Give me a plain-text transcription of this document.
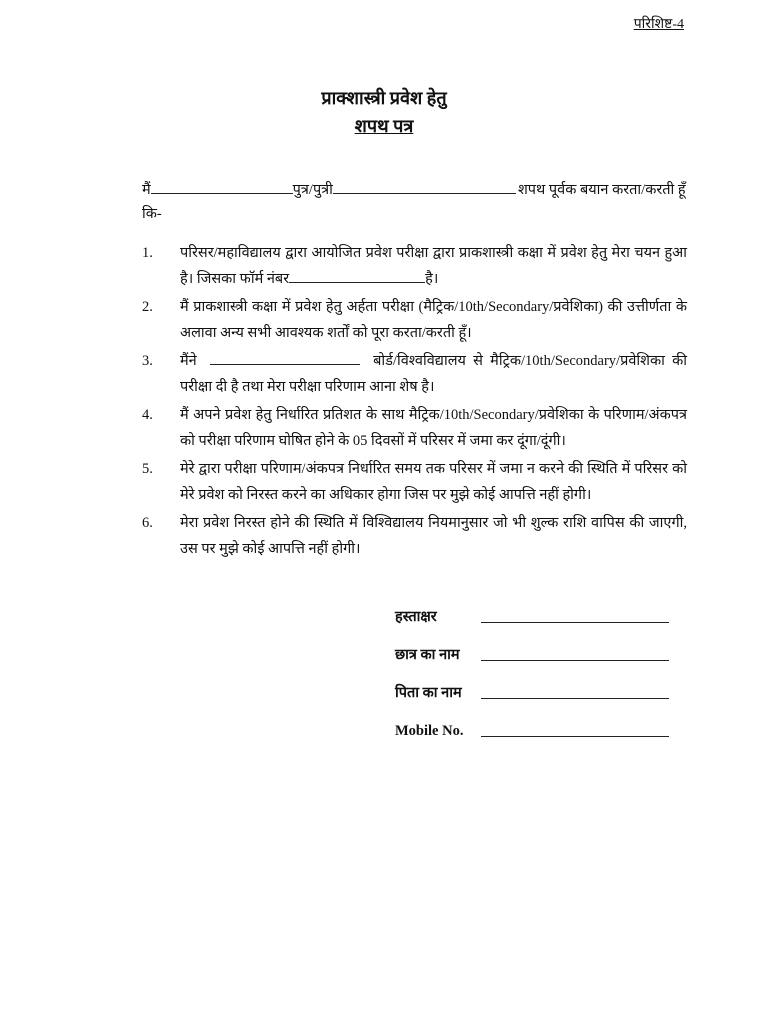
परिशिष्ट-4
प्राक्शास्त्री प्रवेश हेतु
शपथ पत्र
मैं	पुत्र/पुत्री	शपथ पूर्वक बयान करता/करती हूँ
कि-
1.	परिसर/महाविद्यालय द्वारा आयोजित प्रवेश परीक्षा द्वारा प्राकशास्त्री कक्षा में प्रवेश हेतु मेरा चयन हुआ है। जिसका फॉर्म नंबर	है।
2.	मैं प्राकशास्त्री कक्षा में प्रवेश हेतु अर्हता परीक्षा (मैट्रिक/10th/Secondary/प्रवेशिका) की उत्तीर्णता के अलावा अन्य सभी आवश्यक शर्तों को पूरा करता/करती हूँ।
3.	मैंने	बोर्ड/विश्वविद्यालय से मैट्रिक/10th/Secondary/प्रवेशिका की परीक्षा दी है तथा मेरा परीक्षा परिणाम आना शेष है।
4.	मैं अपने प्रवेश हेतु निर्धारित प्रतिशत के साथ मैट्रिक/10th/Secondary/प्रवेशिका के परिणाम/अंकपत्र को परीक्षा परिणाम घोषित होने के 05 दिवसों में परिसर में जमा कर दूंगा/दूंगी।
5.	मेरे द्वारा परीक्षा परिणाम/अंकपत्र निर्धारित समय तक परिसर में जमा न करने की स्थिति में परिसर को मेरे प्रवेश को निरस्त करने का अधिकार होगा जिस पर मुझे कोई आपत्ति नहीं होगी।
6.	मेरा प्रवेश निरस्त होने की स्थिति में विश्विद्यालय नियमानुसार जो भी शुल्क राशि वापिस की जाएगी, उस पर मुझे कोई आपत्ति नहीं होगी।
हस्ताक्षर
छात्र का नाम
पिता का नाम
Mobile No.
